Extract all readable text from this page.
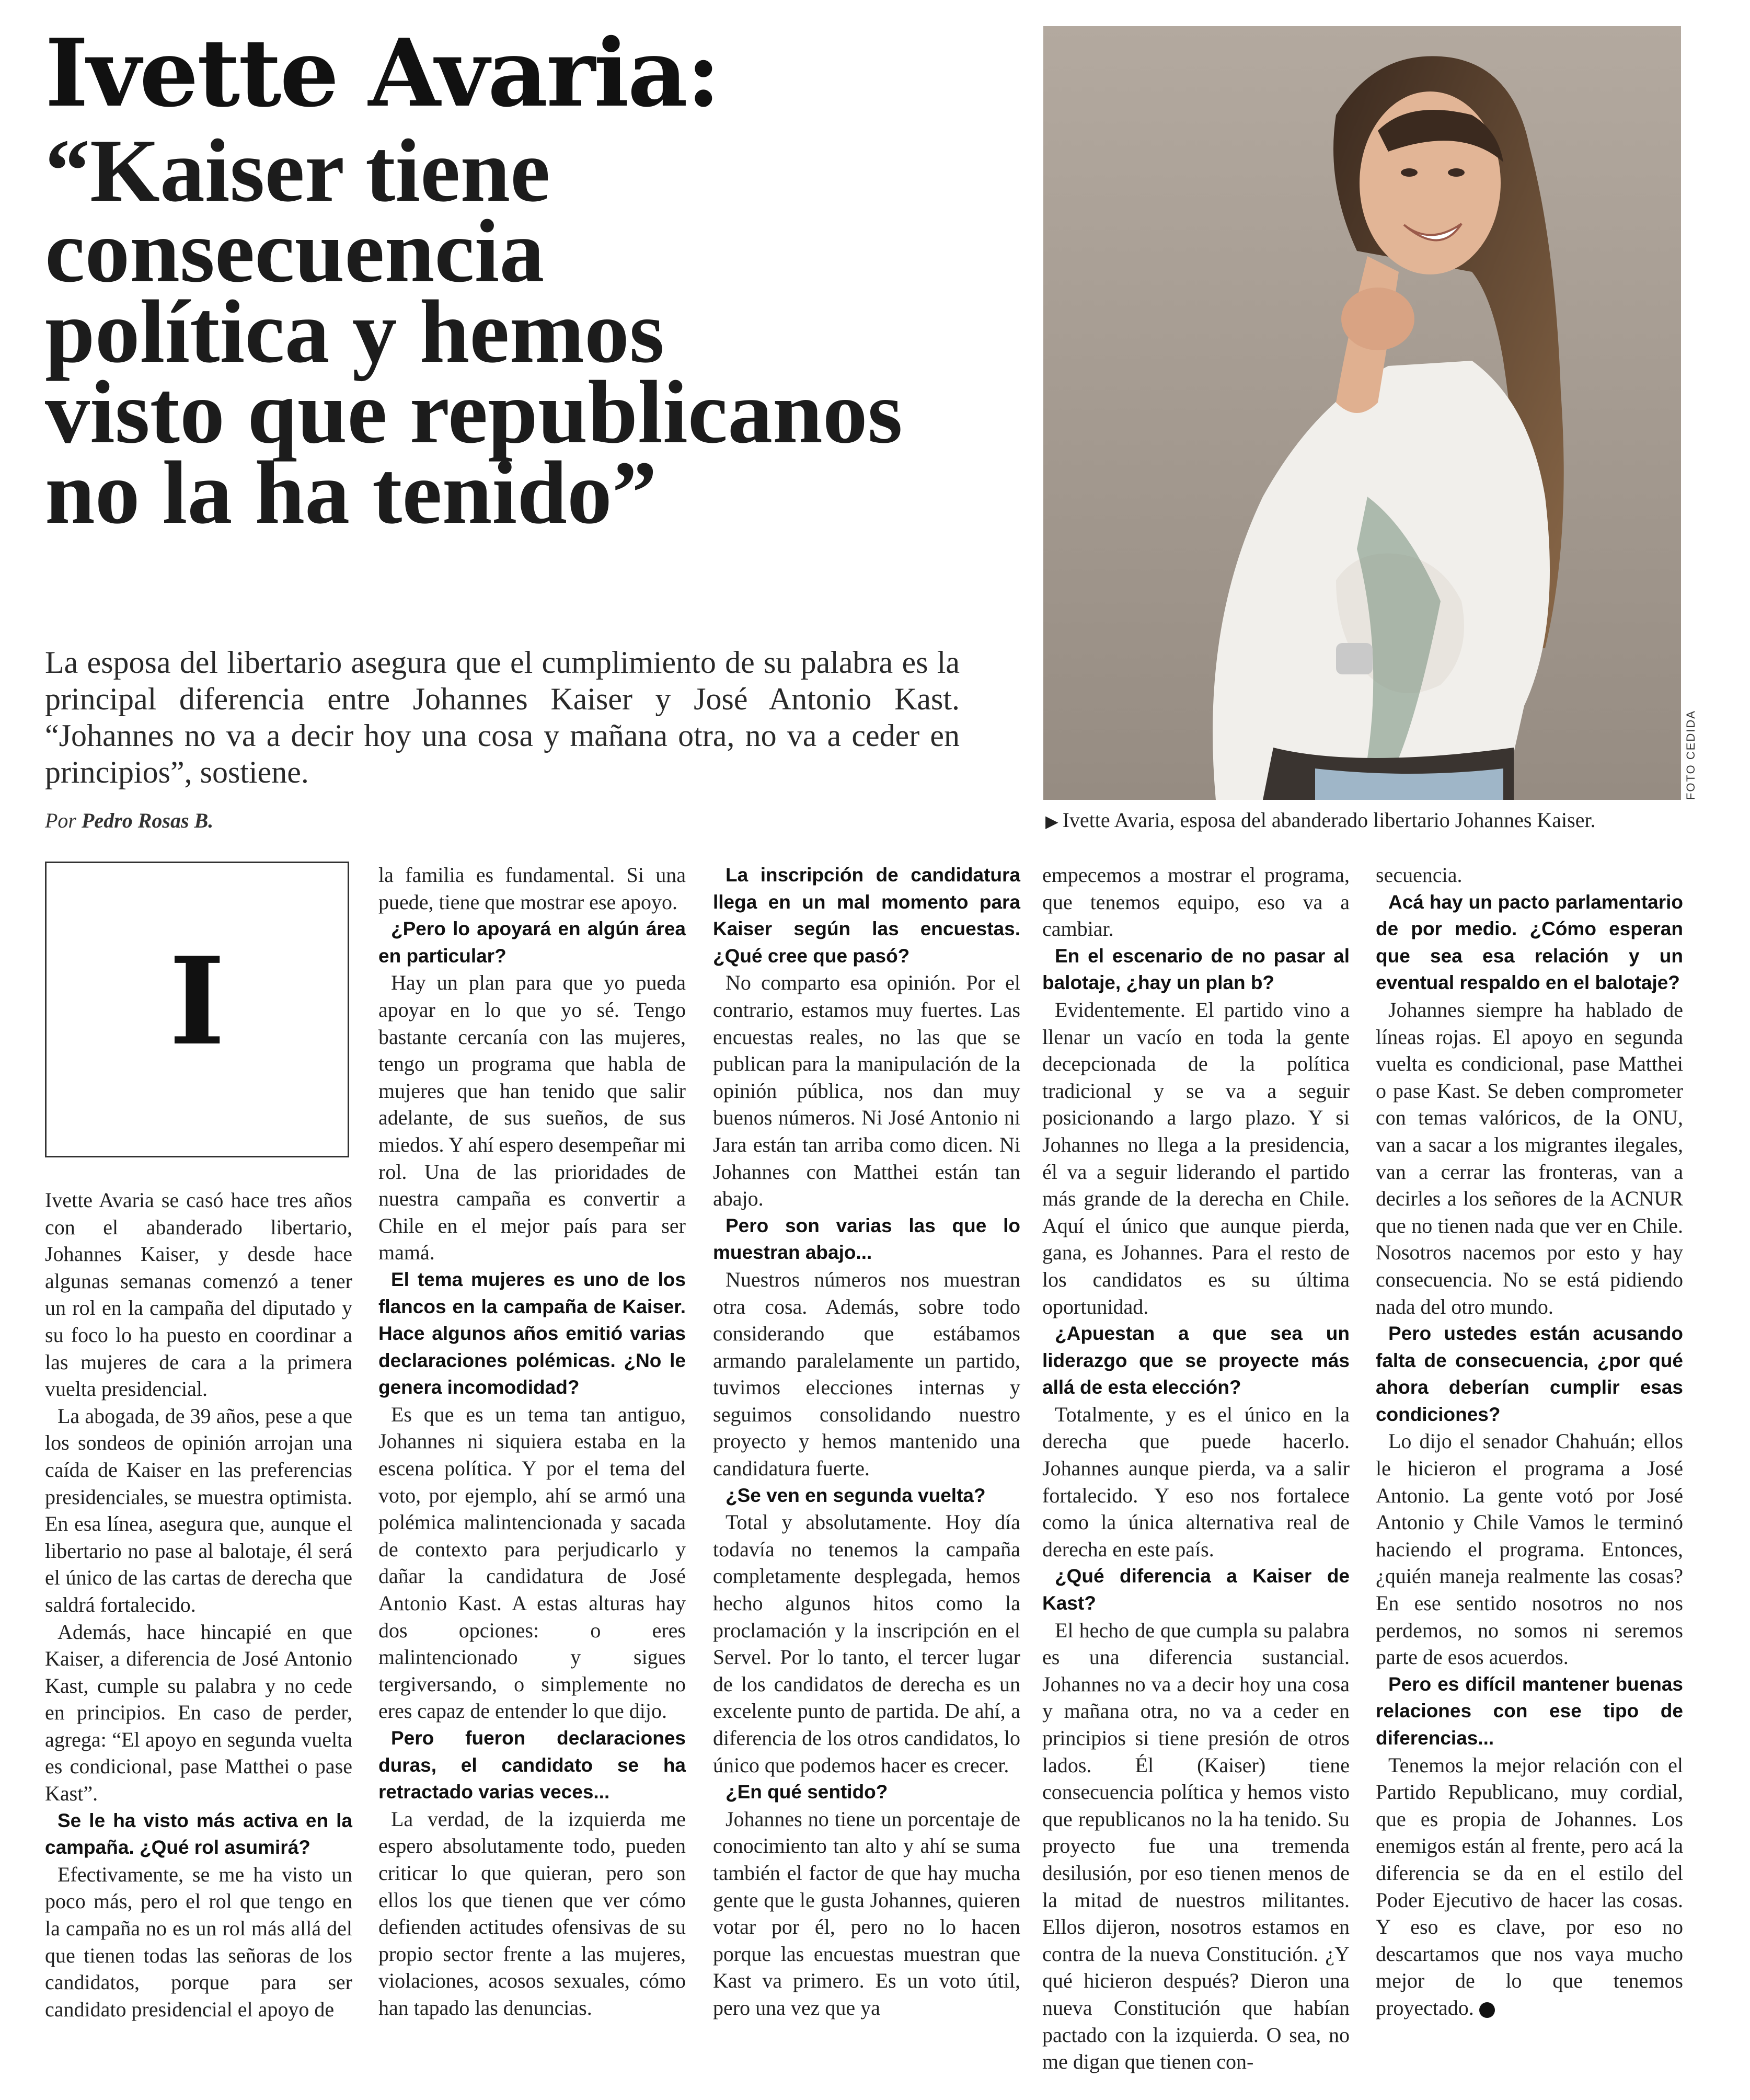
Ivette Avaria:
“Kaiser tiene
consecuencia
política y hemos
visto que republicanos
no la ha tenido”

La esposa del libertario asegura que el cumplimiento de su palabra es la principal diferencia entre Johannes Kaiser y José Antonio Kast. “Johannes no va a decir hoy una cosa y mañana otra, no va a ceder en principios”, sostiene.

Por Pedro Rosas B.
FOTO CEDIDA
▶ Ivette Avaria, esposa del abanderado libertario Johannes Kaiser.
I

Ivette Avaria se casó hace tres años con el abanderado libertario, Johannes Kaiser, y desde hace algunas semanas comenzó a tener un rol en la campaña del diputado y su foco lo ha puesto en coordinar a las mujeres de cara a la primera vuelta presidencial.

La abogada, de 39 años, pese a que los sondeos de opinión arrojan una caída de Kaiser en las preferencias presidenciales, se muestra optimista. En esa línea, asegura que, aunque el libertario no pase al balotaje, él será el único de las cartas de derecha que saldrá fortalecido.

Además, hace hincapié en que Kaiser, a diferencia de José Antonio Kast, cumple su palabra y no cede en principios. En caso de perder, agrega: “El apoyo en segunda vuelta es condicional, pase Matthei o pase Kast”.

Se le ha visto más activa en la campaña. ¿Qué rol asumirá?

Efectivamente, se me ha visto un poco más, pero el rol que tengo en la campaña no es un rol más allá del que tienen todas las señoras de los candidatos, porque para ser candidato presidencial el apoyo de

la familia es fundamental. Si una puede, tiene que mostrar ese apoyo.

¿Pero lo apoyará en algún área en particular?

Hay un plan para que yo pueda apoyar en lo que yo sé. Tengo bastante cercanía con las mujeres, tengo un programa que habla de mujeres que han tenido que salir adelante, de sus sueños, de sus miedos. Y ahí espero desempeñar mi rol. Una de las prioridades de nuestra campaña es convertir a Chile en el mejor país para ser mamá.

El tema mujeres es uno de los flancos en la campaña de Kaiser. Hace algunos años emitió varias declaraciones polémicas. ¿No le genera incomodidad?

Es que es un tema tan antiguo, Johannes ni siquiera estaba en la escena política. Y por el tema del voto, por ejemplo, ahí se armó una polémica malintencionada y sacada de contexto para perjudicarlo y dañar la candidatura de José Antonio Kast. A estas alturas hay dos opciones: o eres malintencionado y sigues tergiversando, o simplemente no eres capaz de entender lo que dijo.

Pero fueron declaraciones duras, el candidato se ha retractado varias veces...

La verdad, de la izquierda me espero absolutamente todo, pueden criticar lo que quieran, pero son ellos los que tienen que ver cómo defienden actitudes ofensivas de su propio sector frente a las mujeres, violaciones, acosos sexuales, cómo han tapado las denuncias.

La inscripción de candidatura llega en un mal momento para Kaiser según las encuestas. ¿Qué cree que pasó?

No comparto esa opinión. Por el contrario, estamos muy fuertes. Las encuestas reales, no las que se publican para la manipulación de la opinión pública, nos dan muy buenos números. Ni José Antonio ni Jara están tan arriba como dicen. Ni Johannes con Matthei están tan abajo.

Pero son varias las que lo muestran abajo...

Nuestros números nos muestran otra cosa. Además, sobre todo considerando que estábamos armando paralelamente un partido, tuvimos elecciones internas y seguimos consolidando nuestro proyecto y hemos mantenido una candidatura fuerte.

¿Se ven en segunda vuelta?

Total y absolutamente. Hoy día todavía no tenemos la campaña completamente desplegada, hemos hecho algunos hitos como la proclamación y la inscripción en el Servel. Por lo tanto, el tercer lugar de los candidatos de derecha es un excelente punto de partida. De ahí, a diferencia de los otros candidatos, lo único que podemos hacer es crecer.

¿En qué sentido?

Johannes no tiene un porcentaje de conocimiento tan alto y ahí se suma también el factor de que hay mucha gente que le gusta Johannes, quieren votar por él, pero no lo hacen porque las encuestas muestran que Kast va primero. Es un voto útil, pero una vez que ya

empecemos a mostrar el programa, que tenemos equipo, eso va a cambiar.

En el escenario de no pasar al balotaje, ¿hay un plan b?

Evidentemente. El partido vino a llenar un vacío en toda la gente decepcionada de la política tradicional y se va a seguir posicionando a largo plazo. Y si Johannes no llega a la presidencia, él va a seguir liderando el partido más grande de la derecha en Chile. Aquí el único que aunque pierda, gana, es Johannes. Para el resto de los candidatos es su última oportunidad.

¿Apuestan a que sea un liderazgo que se proyecte más allá de esta elección?

Totalmente, y es el único en la derecha que puede hacerlo. Johannes aunque pierda, va a salir fortalecido. Y eso nos fortalece como la única alternativa real de derecha en este país.

¿Qué diferencia a Kaiser de Kast?

El hecho de que cumpla su palabra es una diferencia sustancial. Johannes no va a decir hoy una cosa y mañana otra, no va a ceder en principios si tiene presión de otros lados. Él (Kaiser) tiene consecuencia política y hemos visto que republicanos no la ha tenido. Su proyecto fue una tremenda desilusión, por eso tienen menos de la mitad de nuestros militantes. Ellos dijeron, nosotros estamos en contra de la nueva Constitución. ¿Y qué hicieron después? Dieron una nueva Constitución que habían pactado con la izquierda. O sea, no me digan que tienen con-

secuencia.

Acá hay un pacto parlamentario de por medio. ¿Cómo esperan que sea esa relación y un eventual respaldo en el balotaje?

Johannes siempre ha hablado de líneas rojas. El apoyo en segunda vuelta es condicional, pase Matthei o pase Kast. Se deben comprometer con temas valóricos, de la ONU, van a sacar a los migrantes ilegales, van a cerrar las fronteras, van a decirles a los señores de la ACNUR que no tienen nada que ver en Chile. Nosotros nacemos por esto y hay consecuencia. No se está pidiendo nada del otro mundo.

Pero ustedes están acusando falta de consecuencia, ¿por qué ahora deberían cumplir esas condiciones?

Lo dijo el senador Chahuán; ellos le hicieron el programa a José Antonio. La gente votó por José Antonio y Chile Vamos le terminó haciendo el programa. Entonces, ¿quién maneja realmente las cosas? En ese sentido nosotros no nos perdemos, no somos ni seremos parte de esos acuerdos.

Pero es difícil mantener buenas relaciones con ese tipo de diferencias...

Tenemos la mejor relación con el Partido Republicano, muy cordial, que es propia de Johannes. Los enemigos están al frente, pero acá la diferencia se da en el estilo del Poder Ejecutivo de hacer las cosas. Y eso es clave, por eso no descartamos que nos vaya mucho mejor de lo que tenemos proyectado.
